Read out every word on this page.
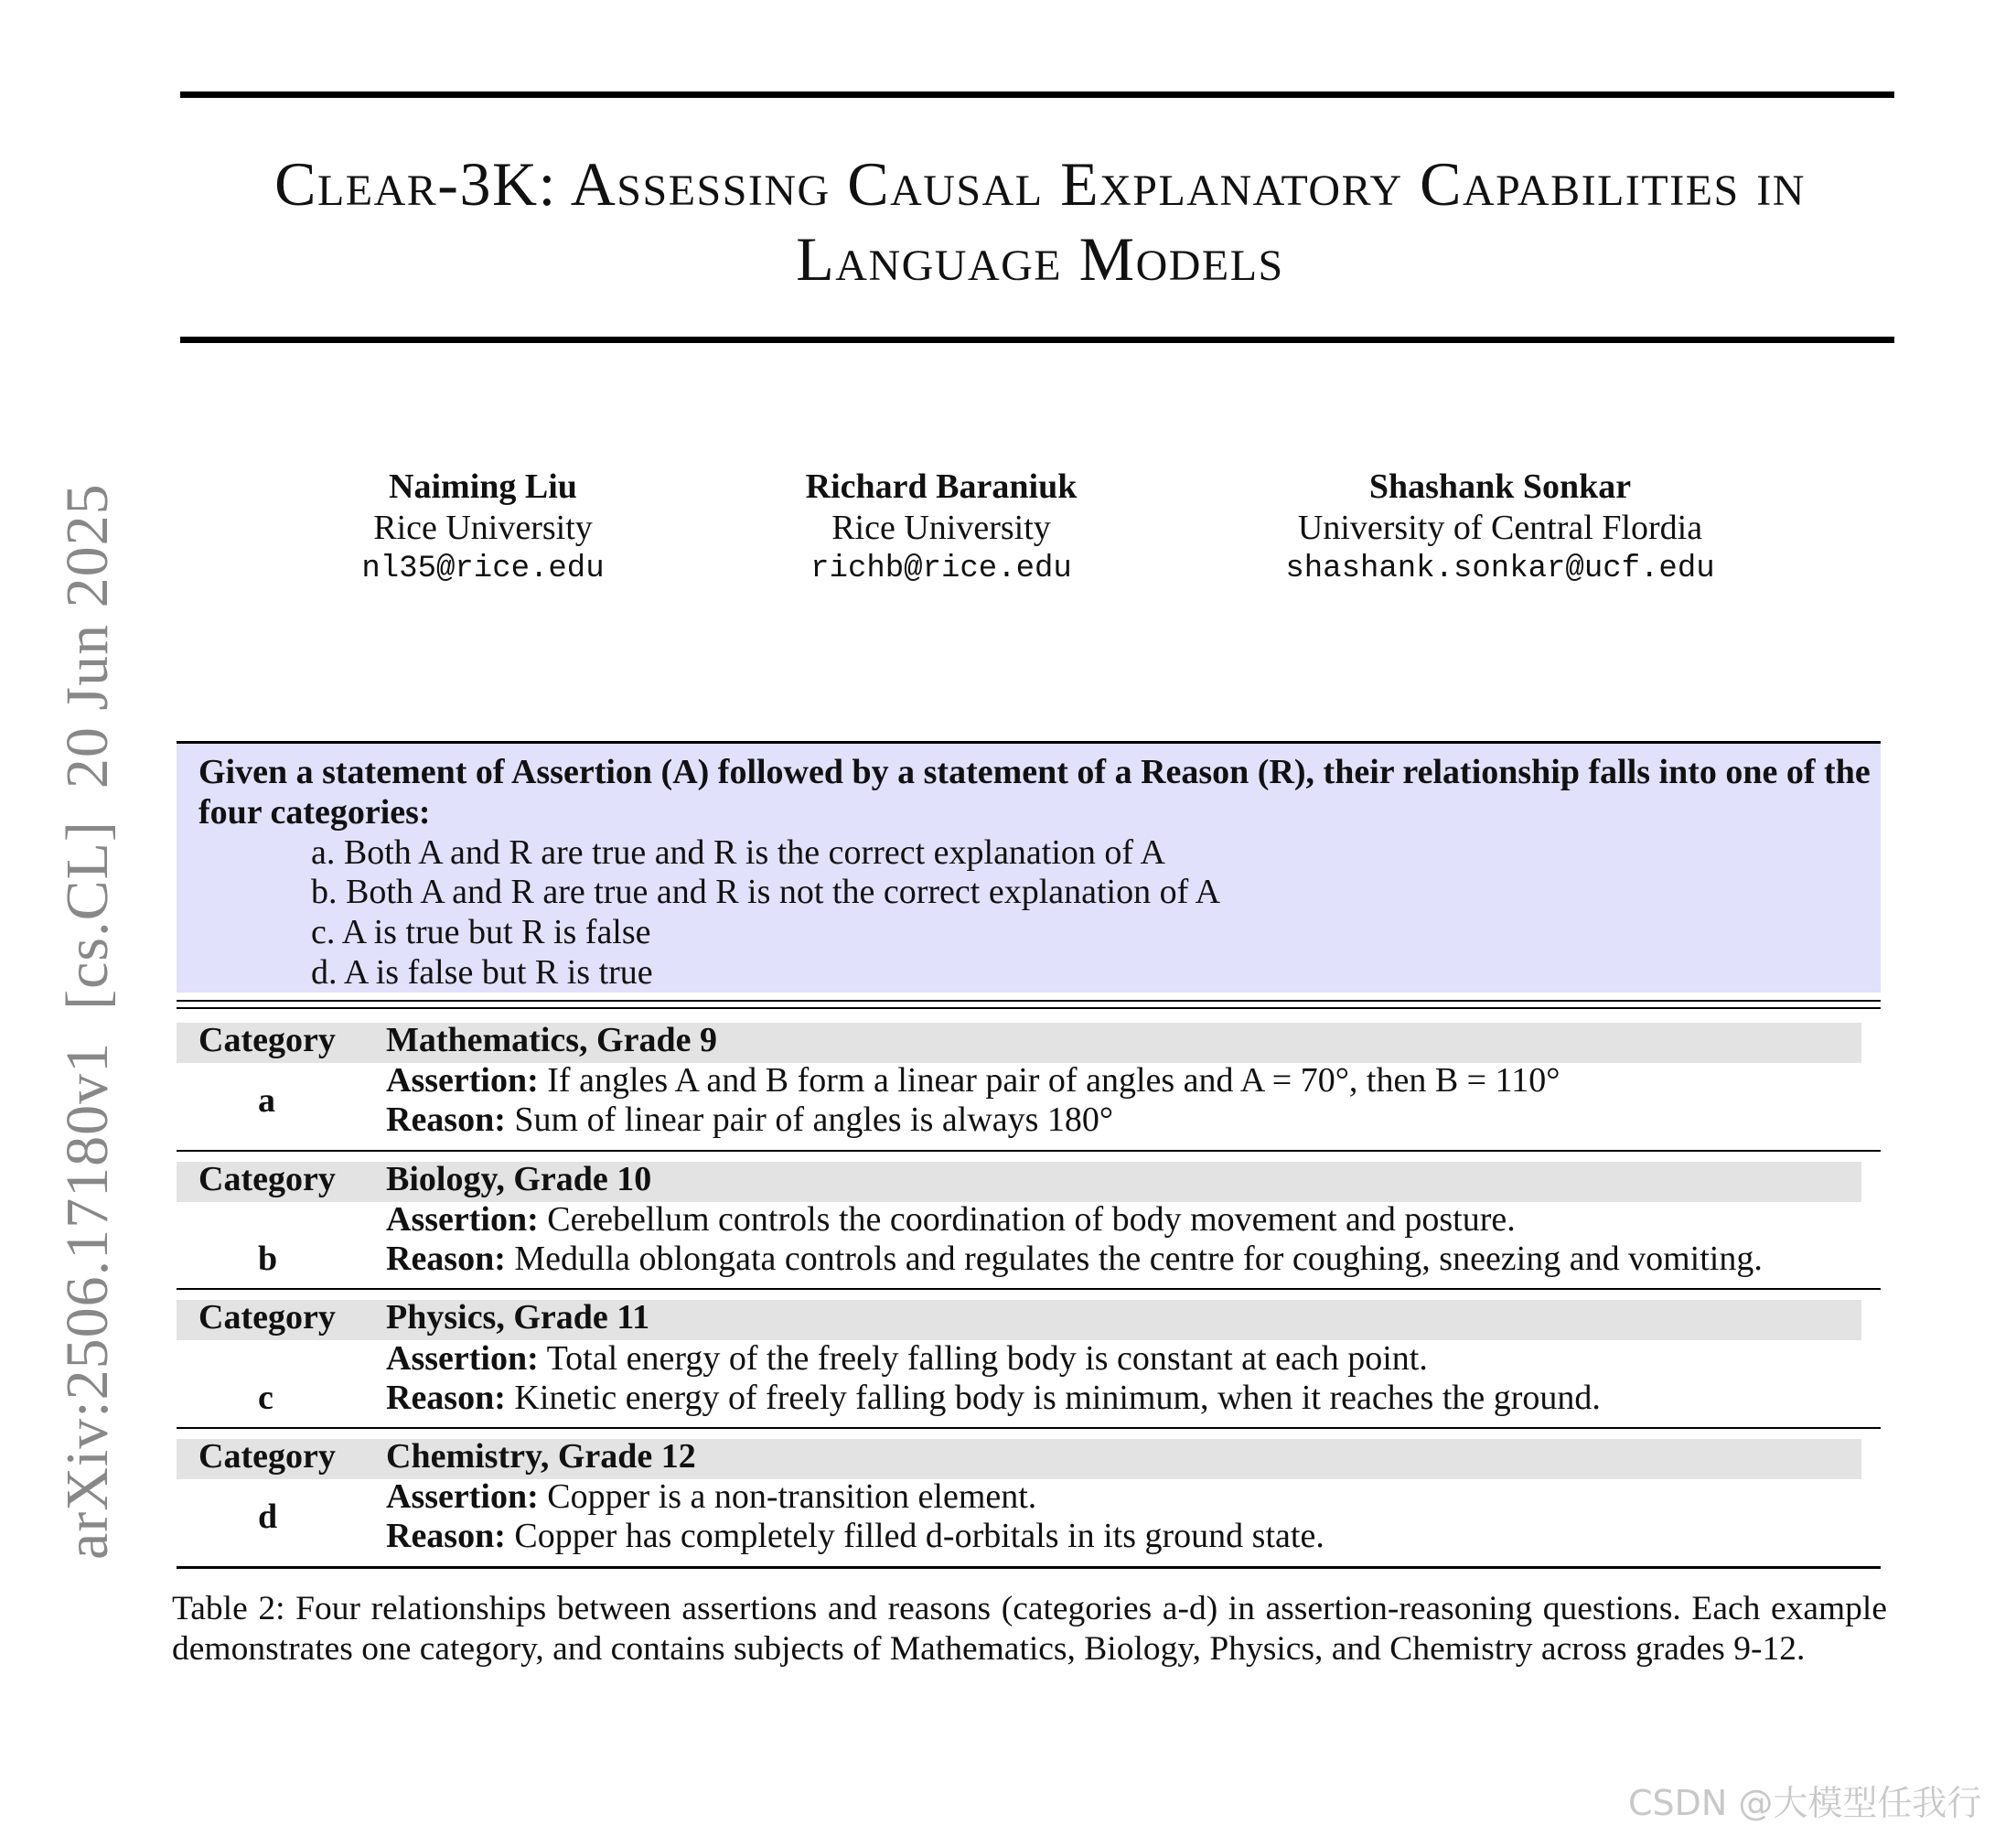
Clear-3K: Assessing Causal Explanatory Capabilities in Language Models
Naiming Liu
Rice University
nl35@rice.edu
Richard Baraniuk
Rice University
richb@rice.edu
Shashank Sonkar
University of Central Flordia
shashank.sonkar@ucf.edu
arXiv:2506.17180v1  [cs.CL]  20 Jun 2025 Given a statement of Assertion (A) followed by a statement of a Reason (R), their relationship falls into one of the four categories:
a. Both A and R are true and R is the correct explanation of A
b. Both A and R are true and R is not the correct explanation of A
c. A is true but R is false
d. A is false but R is true
Category Mathematics, Grade 9
a
Assertion: If angles A and B form a linear pair of angles and A = 70°, then B = 110°
Reason: Sum of linear pair of angles is always 180°
Category Biology, Grade 10
b
Assertion: Cerebellum controls the coordination of body movement and posture.
Reason: Medulla oblongata controls and regulates the centre for coughing, sneezing and vomiting.
Category Physics, Grade 11
c
Assertion: Total energy of the freely falling body is constant at each point.
Reason: Kinetic energy of freely falling body is minimum, when it reaches the ground.
Category Chemistry, Grade 12
d
Assertion: Copper is a non-transition element.
Reason: Copper has completely filled d-orbitals in its ground state.
Table 2: Four relationships between assertions and reasons (categories a-d) in assertion-reasoning questions. Each example demonstrates one category, and contains subjects of Mathematics, Biology, Physics, and Chemistry across grades 9-12.
CSDN @大模型任我行
